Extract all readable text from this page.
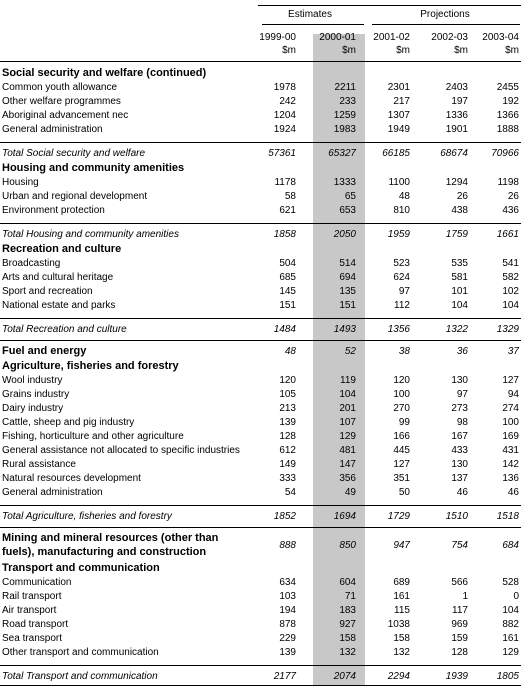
Estimates	Projections
1999-00	2000-01	2001-02	2002-03	2003-04
$m	$m	$m	$m	$m
Social security and welfare (continued)
Common youth allowance	1978	2211	2301	2403	2455
Other welfare programmes	242	233	217	197	192
Aboriginal advancement nec	1204	1259	1307	1336	1366
General administration	1924	1983	1949	1901	1888
Total Social security and welfare	57361	65327	66185	68674	70966
Housing and community amenities
Housing	1178	1333	1100	1294	1198
Urban and regional development	58	65	48	26	26
Environment protection	621	653	810	438	436
Total Housing and community amenities	1858	2050	1959	1759	1661
Recreation and culture
Broadcasting	504	514	523	535	541
Arts and cultural heritage	685	694	624	581	582
Sport and recreation	145	135	97	101	102
National estate and parks	151	151	112	104	104
Total Recreation and culture	1484	1493	1356	1322	1329
Fuel and energy	48	52	38	36	37
Agriculture, fisheries and forestry
Wool industry	120	119	120	130	127
Grains industry	105	104	100	97	94
Dairy industry	213	201	270	273	274
Cattle, sheep and pig industry	139	107	99	98	100
Fishing, horticulture and other agriculture	128	129	166	167	169
General assistance not allocated to specific industries	612	481	445	433	431
Rural assistance	149	147	127	130	142
Natural resources development	333	356	351	137	136
General administration	54	49	50	46	46
Total Agriculture, fisheries and forestry	1852	1694	1729	1510	1518
Mining and mineral resources (other than
fuels), manufacturing and construction
888	850	947	754	684
Transport and communication
Communication	634	604	689	566	528
Rail transport	103	71	161	1	0
Air transport	194	183	115	117	104
Road transport	878	927	1038	969	882
Sea transport	229	158	158	159	161
Other transport and communication	139	132	132	128	129
Total Transport and communication	2177	2074	2294	1939	1805
